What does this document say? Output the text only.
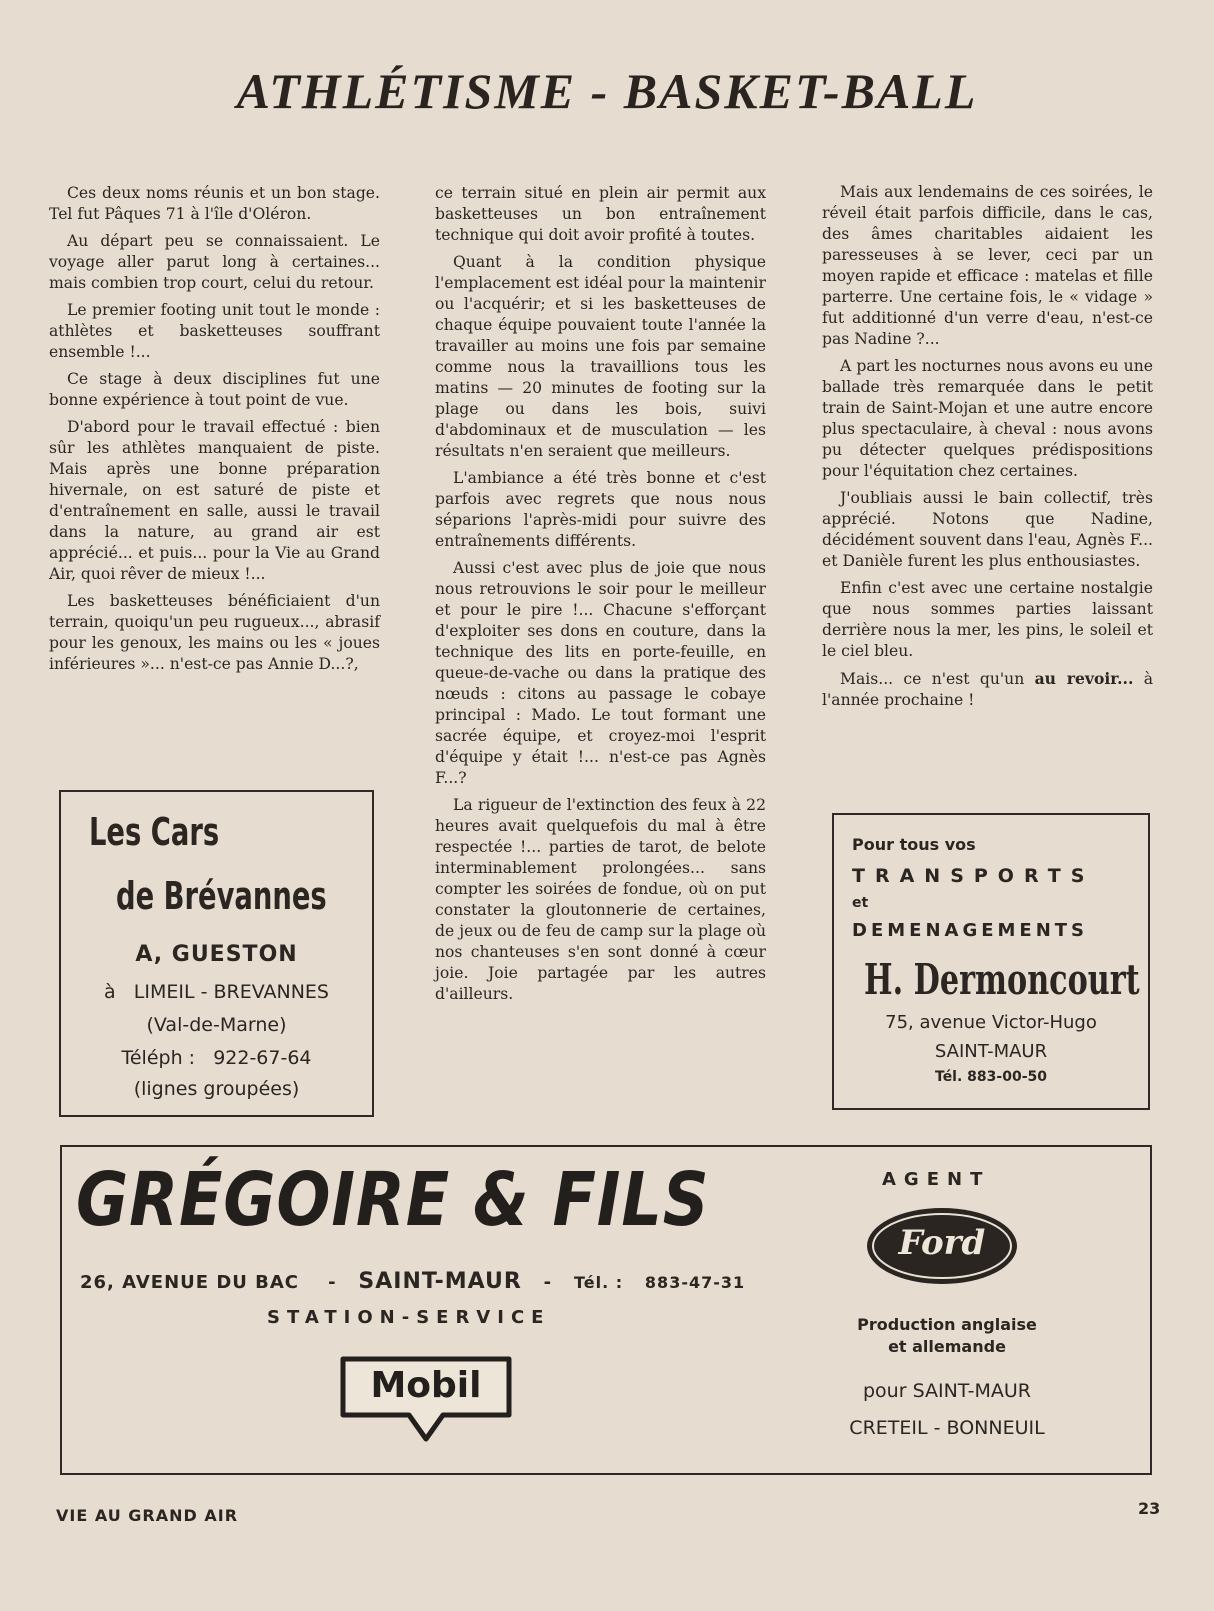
ATHLÉTISME - BASKET-BALL

Ces deux noms réunis et un bon stage. Tel fut Pâques 71 à l'île d'Oléron.

Au départ peu se connaissaient. Le voyage aller parut long à certaines... mais combien trop court, celui du retour.

Le premier footing unit tout le monde : athlètes et basketteuses souffrant ensemble !...

Ce stage à deux disciplines fut une bonne expérience à tout point de vue.

D'abord pour le travail effectué : bien sûr les athlètes manquaient de piste. Mais après une bonne préparation hivernale, on est saturé de piste et d'entraînement en salle, aussi le travail dans la nature, au grand air est apprécié... et puis... pour la Vie au Grand Air, quoi rêver de mieux !...

Les basketteuses bénéficiaient d'un terrain, quoiqu'un peu rugueux..., abrasif pour les genoux, les mains ou les « joues inférieures »... n'est-ce pas Annie D...?,

ce terrain situé en plein air permit aux basketteuses un bon entraînement technique qui doit avoir profité à toutes.

Quant à la condition physique l'emplacement est idéal pour la maintenir ou l'acquérir; et si les basketteuses de chaque équipe pouvaient toute l'année la travailler au moins une fois par semaine comme nous la travaillions tous les matins — 20 minutes de footing sur la plage ou dans les bois, suivi d'abdominaux et de musculation — les résultats n'en seraient que meilleurs.

L'ambiance a été très bonne et c'est parfois avec regrets que nous nous séparions l'après-midi pour suivre des entraînements différents.

Aussi c'est avec plus de joie que nous nous retrouvions le soir pour le meilleur et pour le pire !... Chacune s'efforçant d'exploiter ses dons en couture, dans la technique des lits en porte-feuille, en queue-de-vache ou dans la pratique des nœuds : citons au passage le cobaye principal : Mado. Le tout formant une sacrée équipe, et croyez-moi l'esprit d'équipe y était !... n'est-ce pas Agnès F...?

La rigueur de l'extinction des feux à 22 heures avait quelquefois du mal à être respectée !... parties de tarot, de belote interminablement prolongées... sans compter les soirées de fondue, où on put constater la gloutonnerie de certaines, de jeux ou de feu de camp sur la plage où nos chanteuses s'en sont donné à cœur joie. Joie partagée par les autres d'ailleurs.

Mais aux lendemains de ces soirées, le réveil était parfois difficile, dans le cas, des âmes charitables aidaient les paresseuses à se lever, ceci par un moyen rapide et efficace : matelas et fille parterre. Une certaine fois, le « vidage » fut additionné d'un verre d'eau, n'est-ce pas Nadine ?...

A part les nocturnes nous avons eu une ballade très remarquée dans le petit train de Saint-Mojan et une autre encore plus spectaculaire, à cheval : nous avons pu détecter quelques prédispositions pour l'équitation chez certaines.

J'oubliais aussi le bain collectif, très apprécié. Notons que Nadine, décidément souvent dans l'eau, Agnès F... et Danièle furent les plus enthousiastes.

Enfin c'est avec une certaine nostalgie que nous sommes parties laissant derrière nous la mer, les pins, le soleil et le ciel bleu.

Mais... ce n'est qu'un au revoir... à l'année prochaine !

Les Cars
de Brévannes
A, GUESTON
à LIMEIL - BREVANNES
(Val-de-Marne)
Téléph : 922-67-64
(lignes groupées)
Pour tous vos
TRANSPORTS
et
DEMENAGEMENTS
H. Dermoncourt
75, avenue Victor-Hugo
SAINT-MAUR
Tél. 883-00-50
GRÉGOIRE & FILS
26, AVENUE DU BAC - SAINT-MAUR - Tél. : 883-47-31
STATION-SERVICE
Mobil
AGENT
Ford
Production anglaise
et allemande
pour SAINT-MAUR
CRETEIL - BONNEUIL
VIE AU GRAND AIR	23
